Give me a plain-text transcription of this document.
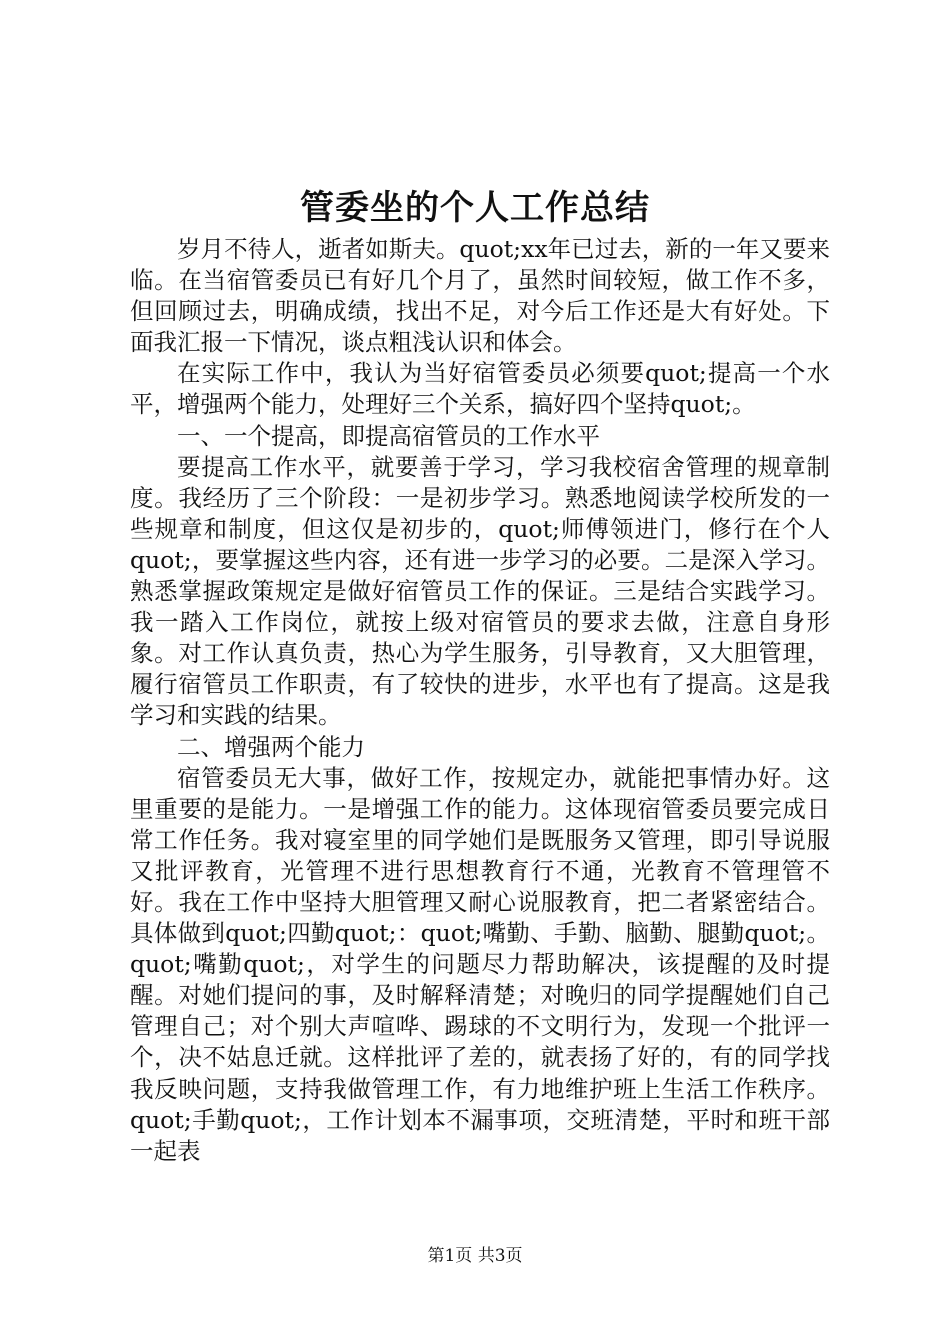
管委坐的个人工作总结

岁月不待人，逝者如斯夫。quot;xx年已过去，新的一年又要来临。在当宿管委员已有好几个月了，虽然时间较短，做工作不多，但回顾过去，明确成绩，找出不足，对今后工作还是大有好处。下面我汇报一下情况，谈点粗浅认识和体会。

在实际工作中，我认为当好宿管委员必须要quot;提高一个水平，增强两个能力，处理好三个关系，搞好四个坚持quot;。

一、一个提高，即提高宿管员的工作水平

要提高工作水平，就要善于学习，学习我校宿舍管理的规章制度。我经历了三个阶段：一是初步学习。熟悉地阅读学校所发的一些规章和制度，但这仅是初步的，quot;师傅领进门，修行在个人quot;，要掌握这些内容，还有进一步学习的必要。二是深入学习。熟悉掌握政策规定是做好宿管员工作的保证。三是结合实践学习。我一踏入工作岗位，就按上级对宿管员的要求去做，注意自身形象。对工作认真负责，热心为学生服务，引导教育，又大胆管理，履行宿管员工作职责，有了较快的进步，水平也有了提高。这是我学习和实践的结果。

二、增强两个能力

宿管委员无大事，做好工作，按规定办，就能把事情办好。这里重要的是能力。一是增强工作的能力。这体现宿管委员要完成日常工作任务。我对寝室里的同学她们是既服务又管理，即引导说服又批评教育，光管理不进行思想教育行不通，光教育不管理管不好。我在工作中坚持大胆管理又耐心说服教育，把二者紧密结合。具体做到quot;四勤quot;：quot;嘴勤、手勤、脑勤、腿勤quot;。quot;嘴勤quot;，对学生的问题尽力帮助解决，该提醒的及时提醒。对她们提问的事，及时解释清楚；对晚归的同学提醒她们自己管理自己；对个别大声喧哗、踢球的不文明行为，发现一个批评一个，决不姑息迁就。这样批评了差的，就表扬了好的，有的同学找我反映问题，支持我做管理工作，有力地维护班上生活工作秩序。quot;手勤quot;，工作计划本不漏事项，交班清楚，平时和班干部一起表

第1页 共3页
